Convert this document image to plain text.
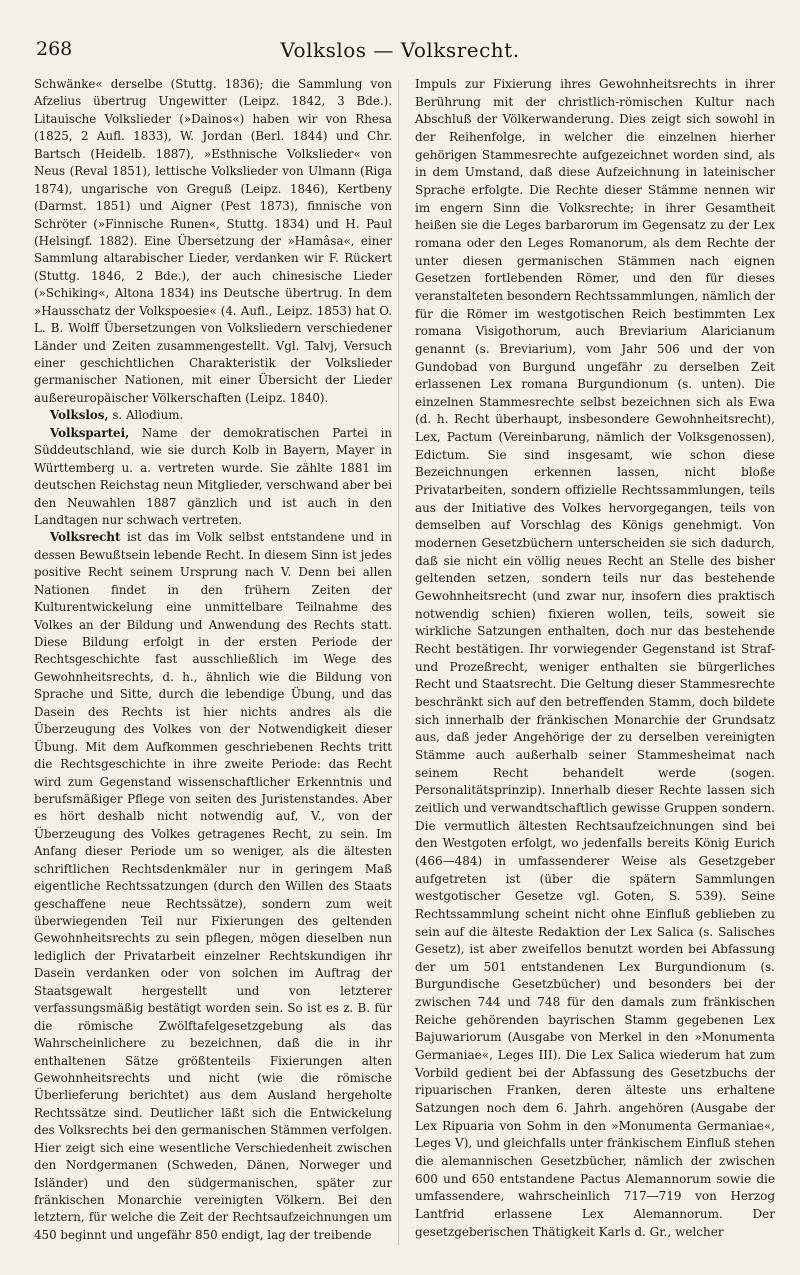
268	Volkslos — Volksrecht.

Schwänke« derselbe (Stuttg. 1836); die Sammlung von Afzelius übertrug Ungewitter (Leipz. 1842, 3 Bde.). Litauische Volkslieder (»Dainos«) haben wir von Rhesa (1825, 2 Aufl. 1833), W. Jordan (Berl. 1844) und Chr. Bartsch (Heidelb. 1887), »Esthnische Volkslieder« von Neus (Reval 1851), lettische Volkslieder von Ulmann (Riga 1874), ungarische von Greguß (Leipz. 1846), Kertbeny (Darmst. 1851) und Aigner (Pest 1873), finnische von Schröter (»Finnische Runen«, Stuttg. 1834) und H. Paul (Helsingf. 1882). Eine Übersetzung der »Hamâsa«, einer Sammlung altarabischer Lieder, verdanken wir F. Rückert (Stuttg. 1846, 2 Bde.), der auch chinesische Lieder (»Schiking«, Altona 1834) ins Deutsche übertrug. In dem »Hausschatz der Volkspoesie« (4. Aufl., Leipz. 1853) hat O. L. B. Wolff Übersetzungen von Volksliedern verschiedener Länder und Zeiten zusammengestellt. Vgl. Talvj, Versuch einer geschichtlichen Charakteristik der Volkslieder germanischer Nationen, mit einer Übersicht der Lieder außereuropäischer Völkerschaften (Leipz. 1840).

Volkslos, s. Allodium.

Volkspartei, Name der demokratischen Partei in Süddeutschland, wie sie durch Kolb in Bayern, Mayer in Württemberg u. a. vertreten wurde. Sie zählte 1881 im deutschen Reichstag neun Mitglieder, verschwand aber bei den Neuwahlen 1887 gänzlich und ist auch in den Landtagen nur schwach vertreten.

Volksrecht ist das im Volk selbst entstandene und in dessen Bewußtsein lebende Recht. In diesem Sinn ist jedes positive Recht seinem Ursprung nach V. Denn bei allen Nationen findet in den frühern Zeiten der Kulturentwickelung eine unmittelbare Teilnahme des Volkes an der Bildung und Anwendung des Rechts statt. Diese Bildung erfolgt in der ersten Periode der Rechtsgeschichte fast ausschließlich im Wege des Gewohnheitsrechts, d. h., ähnlich wie die Bildung von Sprache und Sitte, durch die lebendige Übung, und das Dasein des Rechts ist hier nichts andres als die Überzeugung des Volkes von der Notwendigkeit dieser Übung. Mit dem Aufkommen geschriebenen Rechts tritt die Rechtsgeschichte in ihre zweite Periode: das Recht wird zum Gegenstand wissenschaftlicher Erkenntnis und berufsmäßiger Pflege von seiten des Juristenstandes. Aber es hört deshalb nicht notwendig auf, V., von der Überzeugung des Volkes getragenes Recht, zu sein. Im Anfang dieser Periode um so weniger, als die ältesten schriftlichen Rechtsdenkmäler nur in geringem Maß eigentliche Rechtssatzungen (durch den Willen des Staats geschaffene neue Rechtssätze), sondern zum weit überwiegenden Teil nur Fixierungen des geltenden Gewohnheitsrechts zu sein pflegen, mögen dieselben nun lediglich der Privatarbeit einzelner Rechtskundigen ihr Dasein verdanken oder von solchen im Auftrag der Staatsgewalt hergestellt und von letzterer verfassungsmäßig bestätigt worden sein. So ist es z. B. für die römische Zwölftafelgesetzgebung als das Wahrscheinlichere zu bezeichnen, daß die in ihr enthaltenen Sätze größtenteils Fixierungen alten Gewohnheitsrechts und nicht (wie die römische Überlieferung berichtet) aus dem Ausland hergeholte Rechtssätze sind. Deutlicher läßt sich die Entwickelung des Volksrechts bei den germanischen Stämmen verfolgen. Hier zeigt sich eine wesentliche Verschiedenheit zwischen den Nordgermanen (Schweden, Dänen, Norweger und Isländer) und den südgermanischen, später zur fränkischen Monarchie vereinigten Völkern. Bei den letztern, für welche die Zeit der Rechtsaufzeichnungen um 450 beginnt und ungefähr 850 endigt, lag der treibende

Impuls zur Fixierung ihres Gewohnheitsrechts in ihrer Berührung mit der christlich-römischen Kultur nach Abschluß der Völkerwanderung. Dies zeigt sich sowohl in der Reihenfolge, in welcher die einzelnen hierher gehörigen Stammesrechte aufgezeichnet worden sind, als in dem Umstand, daß diese Aufzeichnung in lateinischer Sprache erfolgte. Die Rechte dieser Stämme nennen wir im engern Sinn die Volksrechte; in ihrer Gesamtheit heißen sie die Leges barbarorum im Gegensatz zu der Lex romana oder den Leges Romanorum, als dem Rechte der unter diesen germanischen Stämmen nach eignen Gesetzen fortlebenden Römer, und den für dieses veranstalteten besondern Rechtssammlungen, nämlich der für die Römer im westgotischen Reich bestimmten Lex romana Visigothorum, auch Breviarium Alaricianum genannt (s. Breviarium), vom Jahr 506 und der von Gundobad von Burgund ungefähr zu derselben Zeit erlassenen Lex romana Burgundionum (s. unten). Die einzelnen Stammesrechte selbst bezeichnen sich als Ewa (d. h. Recht überhaupt, insbesondere Gewohnheitsrecht), Lex, Pactum (Vereinbarung, nämlich der Volksgenossen), Edictum. Sie sind insgesamt, wie schon diese Bezeichnungen erkennen lassen, nicht bloße Privatarbeiten, sondern offizielle Rechtssammlungen, teils aus der Initiative des Volkes hervorgegangen, teils von demselben auf Vorschlag des Königs genehmigt. Von modernen Gesetzbüchern unterscheiden sie sich dadurch, daß sie nicht ein völlig neues Recht an Stelle des bisher geltenden setzen, sondern teils nur das bestehende Gewohnheitsrecht (und zwar nur, insofern dies praktisch notwendig schien) fixieren wollen, teils, soweit sie wirkliche Satzungen enthalten, doch nur das bestehende Recht bestätigen. Ihr vorwiegender Gegenstand ist Straf- und Prozeßrecht, weniger enthalten sie bürgerliches Recht und Staatsrecht. Die Geltung dieser Stammesrechte beschränkt sich auf den betreffenden Stamm, doch bildete sich innerhalb der fränkischen Monarchie der Grundsatz aus, daß jeder Angehörige der zu derselben vereinigten Stämme auch außerhalb seiner Stammesheimat nach seinem Recht behandelt werde (sogen. Personalitätsprinzip). Innerhalb dieser Rechte lassen sich zeitlich und verwandtschaftlich gewisse Gruppen sondern. Die vermutlich ältesten Rechtsaufzeichnungen sind bei den Westgoten erfolgt, wo jedenfalls bereits König Eurich (466—484) in umfassenderer Weise als Gesetzgeber aufgetreten ist (über die spätern Sammlungen westgotischer Gesetze vgl. Goten, S. 539). Seine Rechtssammlung scheint nicht ohne Einfluß geblieben zu sein auf die älteste Redaktion der Lex Salica (s. Salisches Gesetz), ist aber zweifellos benutzt worden bei Abfassung der um 501 entstandenen Lex Burgundionum (s. Burgundische Gesetzbücher) und besonders bei der zwischen 744 und 748 für den damals zum fränkischen Reiche gehörenden bayrischen Stamm gegebenen Lex Bajuwariorum (Ausgabe von Merkel in den »Monumenta Germaniae«, Leges III). Die Lex Salica wiederum hat zum Vorbild gedient bei der Abfassung des Gesetzbuchs der ripuarischen Franken, deren älteste uns erhaltene Satzungen noch dem 6. Jahrh. angehören (Ausgabe der Lex Ripuaria von Sohm in den »Monumenta Germaniae«, Leges V), und gleichfalls unter fränkischem Einfluß stehen die alemannischen Gesetzbücher, nämlich der zwischen 600 und 650 entstandene Pactus Alemannorum sowie die umfassendere, wahrscheinlich 717—719 von Herzog Lantfrid erlassene Lex Alemannorum. Der gesetzgeberischen Thätigkeit Karls d. Gr., welcher
